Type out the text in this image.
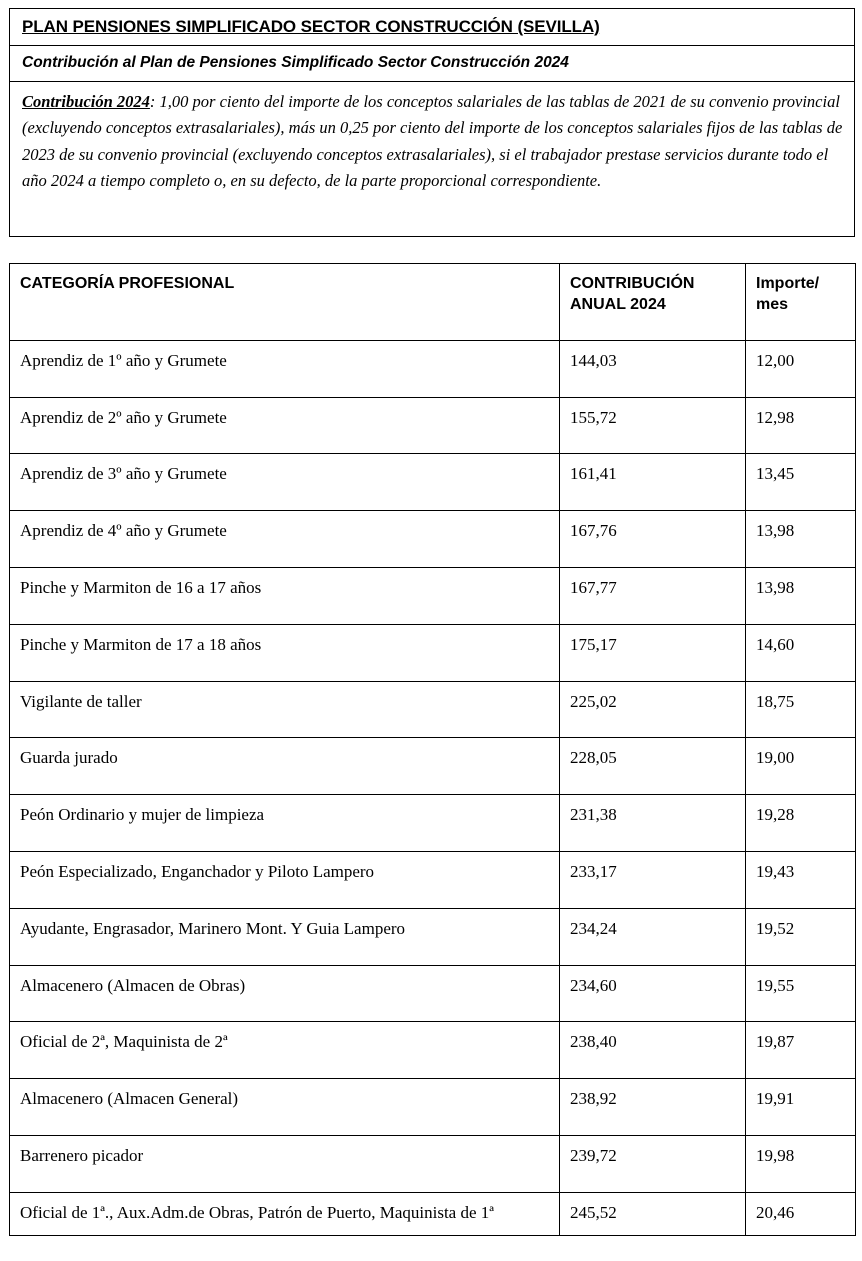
PLAN PENSIONES SIMPLIFICADO SECTOR CONSTRUCCIÓN (SEVILLA)
Contribución al Plan de Pensiones Simplificado Sector Construcción 2024
Contribución 2024: 1,00 por ciento del importe de los conceptos salariales de las tablas de 2021 de su convenio provincial (excluyendo conceptos extrasalariales), más un 0,25 por ciento del importe de los conceptos salariales fijos de las tablas de 2023 de su convenio provincial (excluyendo conceptos extrasalariales), si el trabajador prestase servicios durante todo el año 2024 a tiempo completo o, en su defecto, de la parte proporcional correspondiente.
CATEGORÍA PROFESIONAL	CONTRIBUCIÓN ANUAL 2024	Importe/ mes
Aprendiz de 1º año y Grumete	144,03	12,00
Aprendiz de 2º año y Grumete	155,72	12,98
Aprendiz de 3º año y Grumete	161,41	13,45
Aprendiz de 4º año y Grumete	167,76	13,98
Pinche y Marmiton de 16 a 17 años	167,77	13,98
Pinche y Marmiton de 17 a 18 años	175,17	14,60
Vigilante de taller	225,02	18,75
Guarda jurado	228,05	19,00
Peón Ordinario y mujer de limpieza	231,38	19,28
Peón Especializado, Enganchador y Piloto Lampero	233,17	19,43
Ayudante, Engrasador, Marinero Mont. Y Guia Lampero	234,24	19,52
Almacenero (Almacen de Obras)	234,60	19,55
Oficial de 2ª, Maquinista de 2ª	238,40	19,87
Almacenero (Almacen General)	238,92	19,91
Barrenero picador	239,72	19,98
Oficial de 1ª., Aux.Adm.de Obras, Patrón de Puerto, Maquinista de 1ª	245,52	20,46
